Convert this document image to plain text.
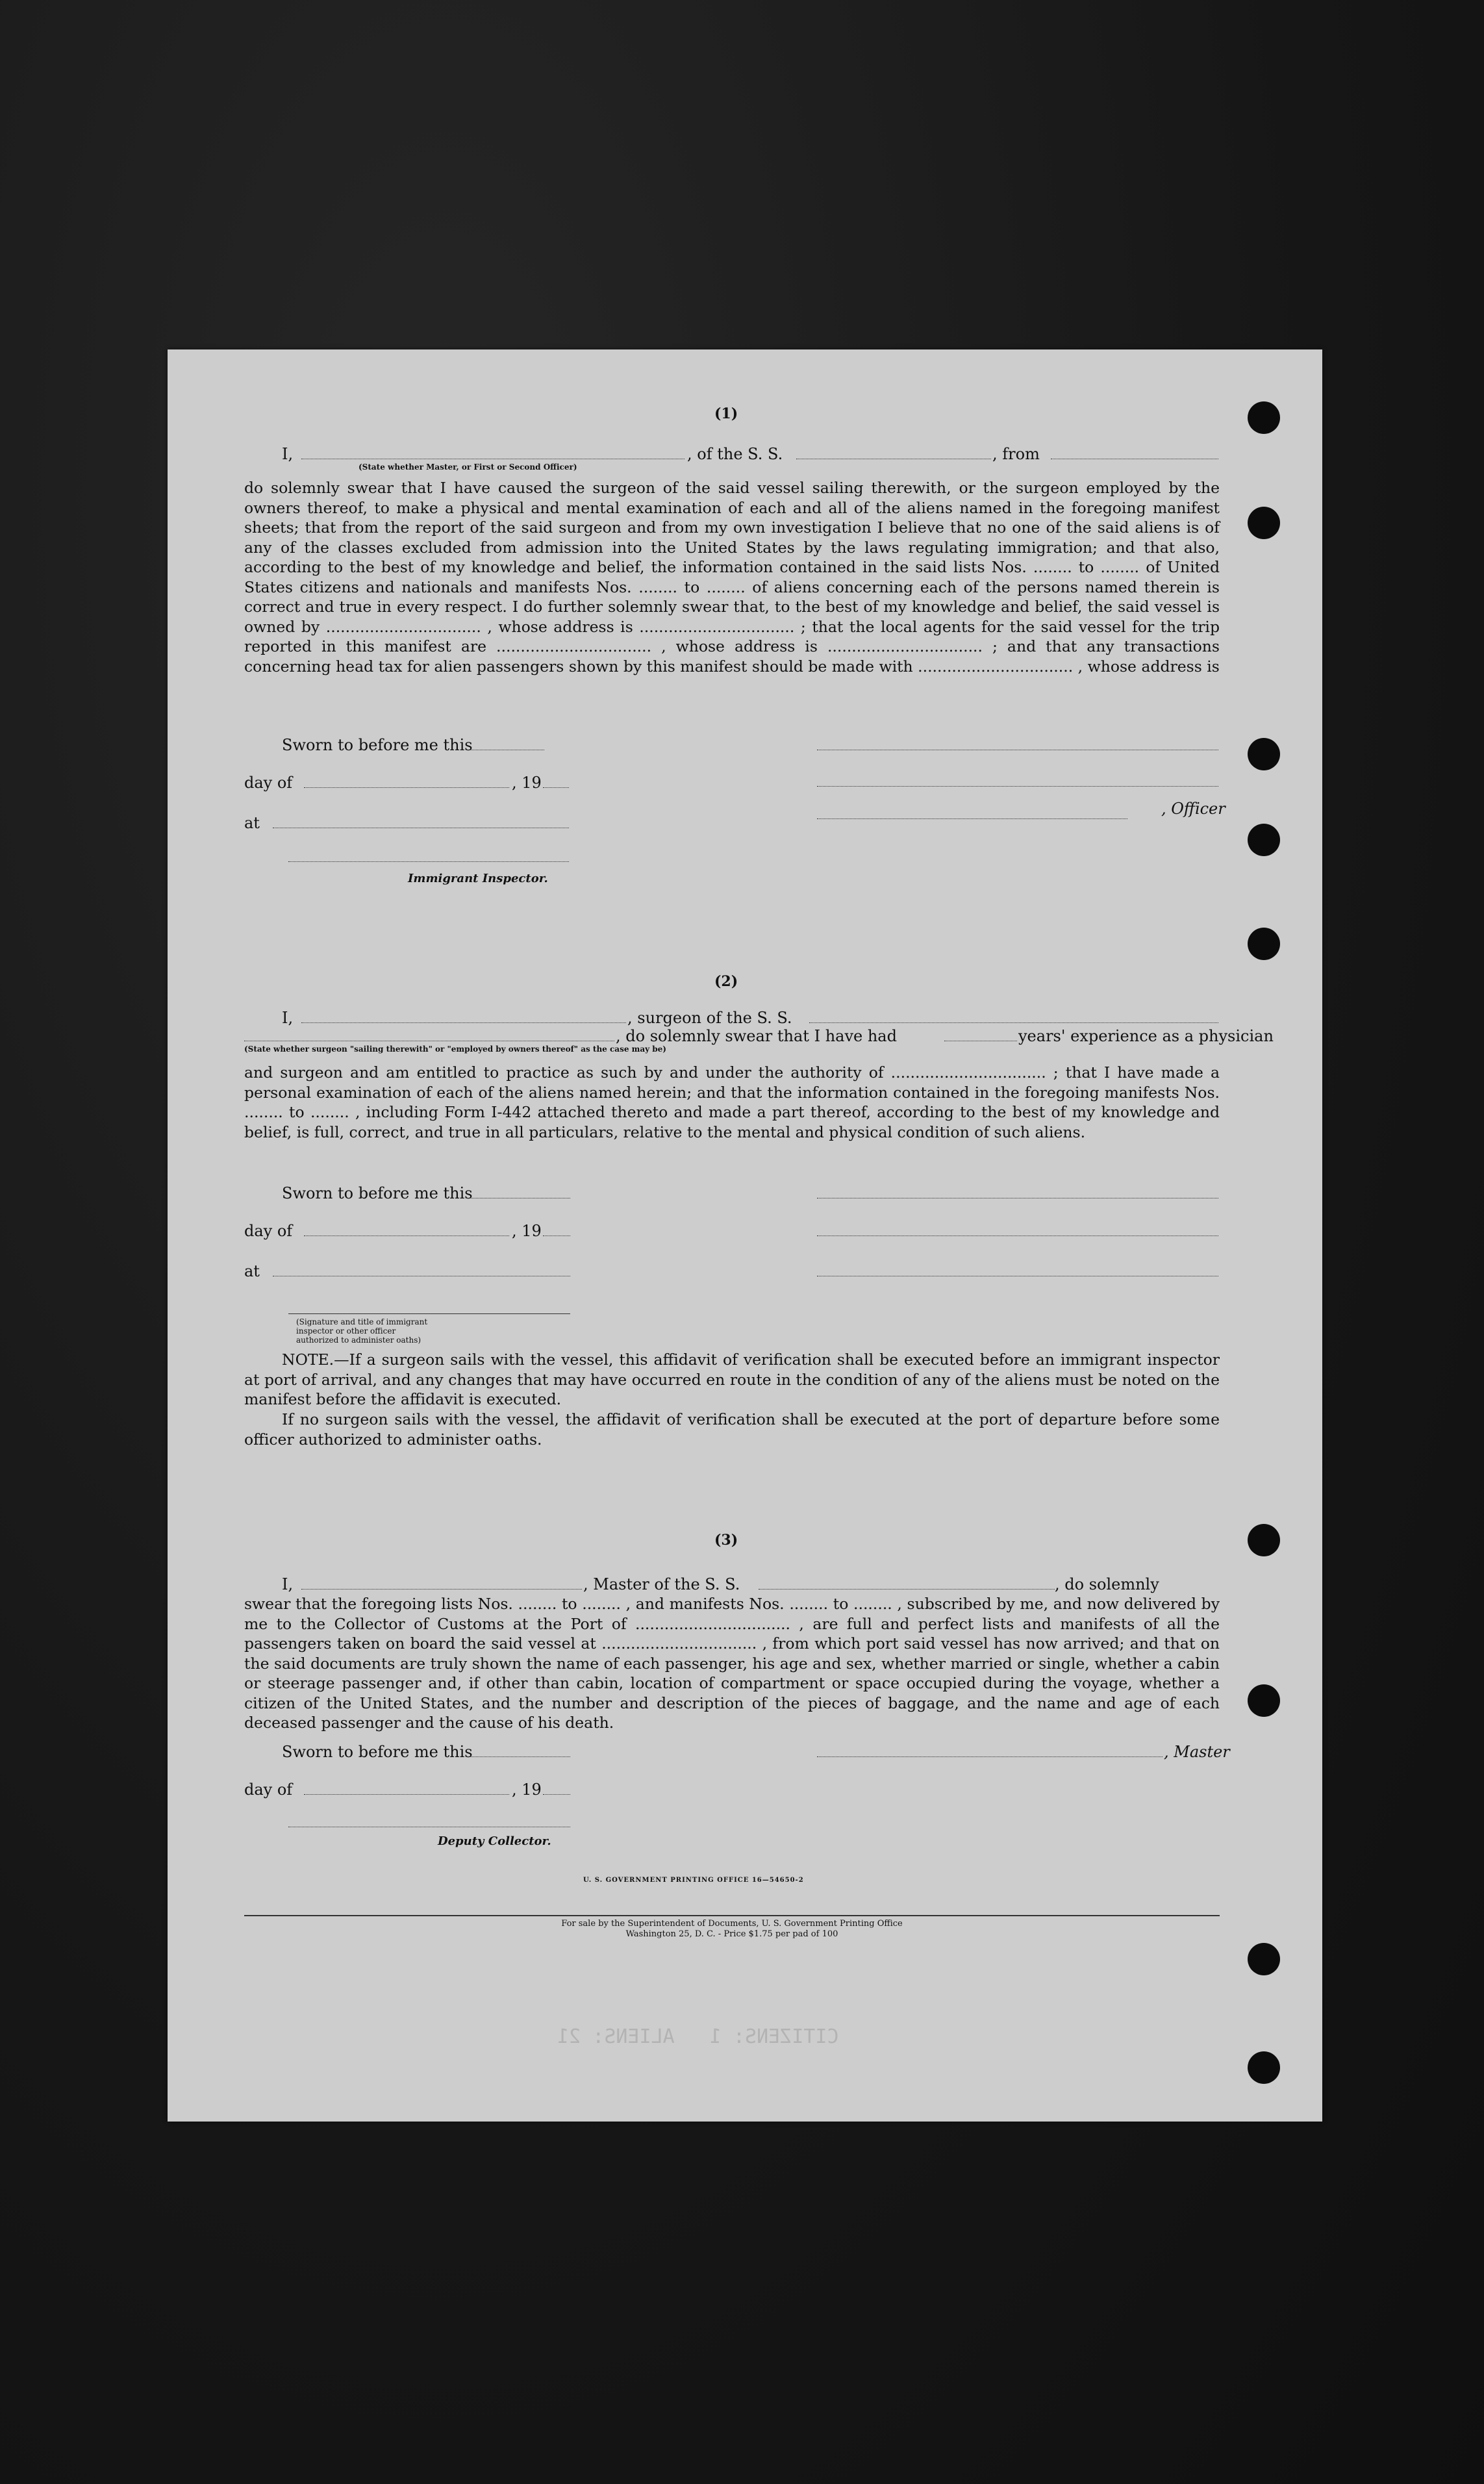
CITIZENS: 1   ALIENS: 21
(1)
I,	, of the S. S.	, from
(State whether Master, or First or Second Officer)
do solemnly swear that I have caused the surgeon of the said vessel sailing therewith, or the surgeon employed by the owners thereof, to make a physical and mental examination of each and all of the aliens named in the foregoing manifest sheets; that from the report of the said surgeon and from my own investigation I believe that no one of the said aliens is of any of the classes excluded from admission into the United States by the laws regulating immigration; and that also, according to the best of my knowledge and belief, the information contained in the said lists Nos. ........ to ........ of United States citizens and nationals and manifests Nos. ........ to ........ of aliens concerning each of the persons named therein is correct and true in every respect. I do further solemnly swear that, to the best of my knowledge and belief, the said vessel is owned by ................................ , whose address is ................................ ; that the local agents for the said vessel for the trip reported in this manifest are ................................ , whose address is ................................ ; and that any transactions concerning head tax for alien passengers shown by this manifest should be made with ................................ , whose address is
Sworn to before me this
day of	, 19
, Officer
at
Immigrant Inspector.
(2)
I,	, surgeon of the S. S.
, do solemnly swear that I have had	years' experience as a physician
(State whether surgeon "sailing therewith" or "employed by owners thereof" as the case may be)
and surgeon and am entitled to practice as such by and under the authority of ................................ ; that I have made a personal examination of each of the aliens named herein; and that the information contained in the foregoing manifests Nos. ........ to ........ , including Form I-442 attached thereto and made a part thereof, according to the best of my knowledge and belief, is full, correct, and true in all particulars, relative to the mental and physical condition of such aliens.
Sworn to before me this
day of	, 19
at
(Signature and title of immigrant inspector or other officer authorized to administer oaths)
NOTE.—If a surgeon sails with the vessel, this affidavit of verification shall be executed before an immigrant inspector at port of arrival, and any changes that may have occurred en route in the condition of any of the aliens must be noted on the manifest before the affidavit is executed.
If no surgeon sails with the vessel, the affidavit of verification shall be executed at the port of departure before some officer authorized to administer oaths.
(3)
I,	, Master of the S. S.	, do solemnly
swear that the foregoing lists Nos. ........ to ........ , and manifests Nos. ........ to ........ , subscribed by me, and now delivered by me to the Collector of Customs at the Port of ................................ , are full and perfect lists and manifests of all the passengers taken on board the said vessel at ................................ , from which port said vessel has now arrived; and that on the said documents are truly shown the name of each passenger, his age and sex, whether married or single, whether a cabin or steerage passenger and, if other than cabin, location of compartment or space occupied during the voyage, whether a citizen of the United States, and the number and description of the pieces of baggage, and the name and age of each deceased passenger and the cause of his death.
Sworn to before me this	, Master
day of	, 19
Deputy Collector.
U. S. GOVERNMENT PRINTING OFFICE 16—54650-2
For sale by the Superintendent of Documents, U. S. Government Printing Office
Washington 25, D. C. - Price $1.75 per pad of 100
